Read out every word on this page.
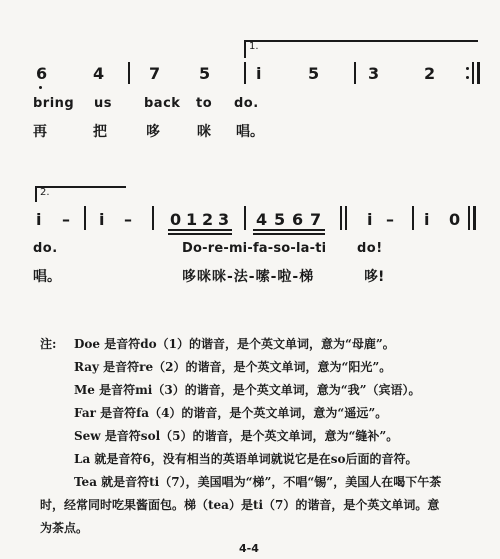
1.
6	4	7 5	i	5	3	2
bring us back to do.
再	把	哆	咪 唱。
2.
i – i – 0 1 2 3 4 5 6 7	i – i 0
do.	Do-re-mi-fa-so-la-ti do!
唱。	哆咪咪-法-嗦-啦-梯	哆!
注: Doe 是音符do（1）的谐音，是个英文单词，意为“母鹿”。
Ray 是音符re（2）的谐音，是个英文单词，意为“阳光”。
Me 是音符mi（3）的谐音，是个英文单词，意为“我”（宾语）。
Far 是音符fa（4）的谐音，是个英文单词，意为“遥远”。
Sew 是音符sol（5）的谐音，是个英文单词，意为“缝补”。
La 就是音符6，没有相当的英语单词就说它是在so后面的音符。
Tea 就是音符ti（7），美国唱为“梯”，不唱“锡”，美国人在喝下午茶
时，经常同时吃果酱面包。梯（tea）是ti（7）的谐音，是个英文单词。意
为茶点。
4-4
